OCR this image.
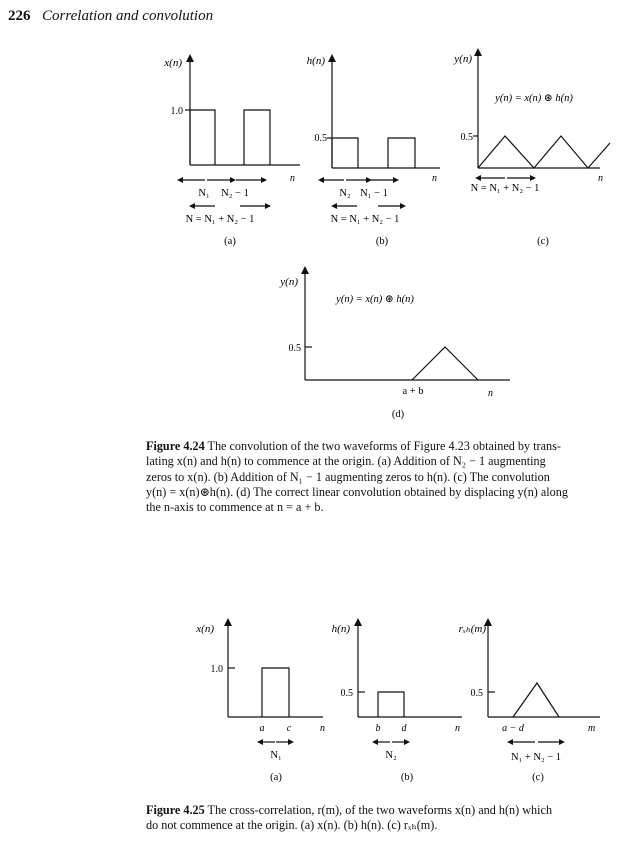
226 Correlation and convolution
x(n)
1.0
N₁ N₂ − 1
n
N = N₁ + N₂ − 1
(a)
h(n)
0.5
N₂ N₁ − 1
n
N = N₁ + N₂ − 1
(b)
y(n)
y(n) = x(n) ⊛ h(n)
0.5
n
N = N₁ + N₂ − 1
(c)
y(n)
y(n) = x(n) ⊛ h(n)
0.5
a + b	n
(d)
Figure 4.24 The convolution of the two waveforms of Figure 4.23 obtained by trans-
lating x(n) and h(n) to commence at the origin. (a) Addition of N₂ − 1 augmenting
zeros to x(n). (b) Addition of N₁ − 1 augmenting zeros to h(n). (c) The convolution
y(n) = x(n)⊛h(n). (d) The correct linear convolution obtained by displacing y(n) along
the n-axis to commence at n = a + b.
x(n)
1.0
a c	n
N₁
(a)
h(n)
0.5
b d	n
N₂
(b)
rₓₕ(m)
0.5
a − d	m
N₁ + N₂ − 1
(c)
Figure 4.25 The cross-correlation, r(m), of the two waveforms x(n) and h(n) which
do not commence at the origin. (a) x(n). (b) h(n). (c) rₓₕ(m).
